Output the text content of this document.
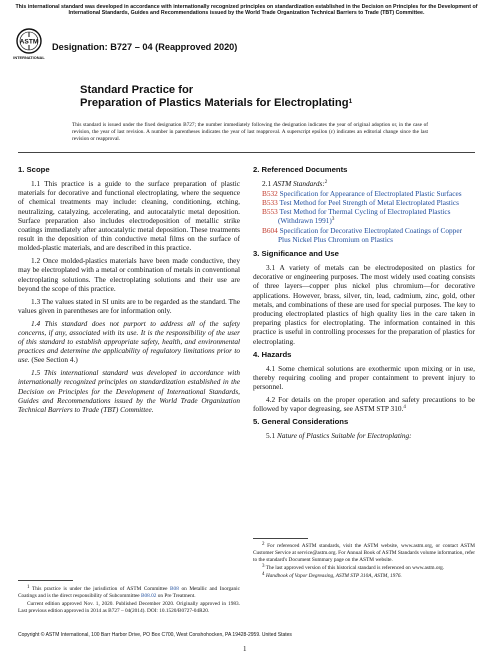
This international standard was developed in accordance with internationally recognized principles on standardization established in the Decision on Principles for the Development of International Standards, Guides and Recommendations issued by the World Trade Organization Technical Barriers to Trade (TBT) Committee.
ASTM
INTERNATIONAL
Designation: B727 – 04 (Reapproved 2020)
Standard Practice for
Preparation of Plastics Materials for Electroplating$^1$
This standard is issued under the fixed designation B727; the number immediately following the designation indicates the year of original adoption or, in the case of revision, the year of last revision. A number in parentheses indicates the year of last reapproval. A superscript epsilon (ε) indicates an editorial change since the last revision or reapproval.
1. Scope

1.1 This practice is a guide to the surface preparation of plastic materials for decorative and functional electroplating, where the sequence of chemical treatments may include: cleaning, conditioning, etching, neutralizing, catalyzing, accelerating, and autocatalytic metal deposition. Surface preparation also includes electrodeposition of metallic strike coatings immediately after autocatalytic metal deposition. These treatments result in the deposition of thin conductive metal films on the surface of molded-plastic materials, and are described in this practice.

1.2 Once molded-plastics materials have been made conductive, they may be electroplated with a metal or combination of metals in conventional electroplating solutions. The electroplating solutions and their use are beyond the scope of this practice.

1.3 The values stated in SI units are to be regarded as the standard. The values given in parentheses are for information only.

1.4 This standard does not purport to address all of the safety concerns, if any, associated with its use. It is the responsibility of the user of this standard to establish appropriate safety, health, and environmental practices and determine the applicability of regulatory limitations prior to use. (See Section 4.)

1.5 This international standard was developed in accordance with internationally recognized principles on standardization established in the Decision on Principles for the Development of International Standards, Guides and Recommendations issued by the World Trade Organization Technical Barriers to Trade (TBT) Committee.

1 This practice is under the jurisdiction of ASTM Committee B08 on Metallic and Inorganic Coatings and is the direct responsibility of Subcommittee B08.02 on Pre Treatment.
Current edition approved Nov. 1, 2020. Published December 2020. Originally approved in 1983. Last previous edition approved in 2014 as B727 – 04(2014). DOI: 10.1520/B0727-04R20.
2. Referenced Documents
2.1 ASTM Standards:$^2$
B532 Specification for Appearance of Electroplated Plastic Surfaces
B533 Test Method for Peel Strength of Metal Electroplated Plastics
B553 Test Method for Thermal Cycling of Electroplated Plastics (Withdrawn 1991)$^3$
B604 Specification for Decorative Electroplated Coatings of Copper Plus Nickel Plus Chromium on Plastics
3. Significance and Use

3.1 A variety of metals can be electrodeposited on plastics for decorative or engineering purposes. The most widely used coating consists of three layers—copper plus nickel plus chromium—for decorative applications. However, brass, silver, tin, lead, cadmium, zinc, gold, other metals, and combinations of these are used for special purposes. The key to producing electroplated plastics of high quality lies in the care taken in preparing plastics for electroplating. The information contained in this practice is useful in controlling processes for the preparation of plastics for electroplating.

4. Hazards

4.1 Some chemical solutions are exothermic upon mixing or in use, thereby requiring cooling and proper containment to prevent injury to personnel.

4.2 For details on the proper operation and safety precautions to be followed by vapor degreasing, see ASTM STP 310.$^4$

5. General Considerations

5.1 Nature of Plastics Suitable for Electroplating:

2 For referenced ASTM standards, visit the ASTM website, www.astm.org, or contact ASTM Customer Service at service@astm.org. For Annual Book of ASTM Standards volume information, refer to the standard's Document Summary page on the ASTM website.
3 The last approved version of this historical standard is referenced on www.astm.org.
4 Handbook of Vapor Degreasing, ASTM STP 310A, ASTM, 1976.
Copyright © ASTM International, 100 Barr Harbor Drive, PO Box C700, West Conshohocken, PA 19428-2959. United States
1
